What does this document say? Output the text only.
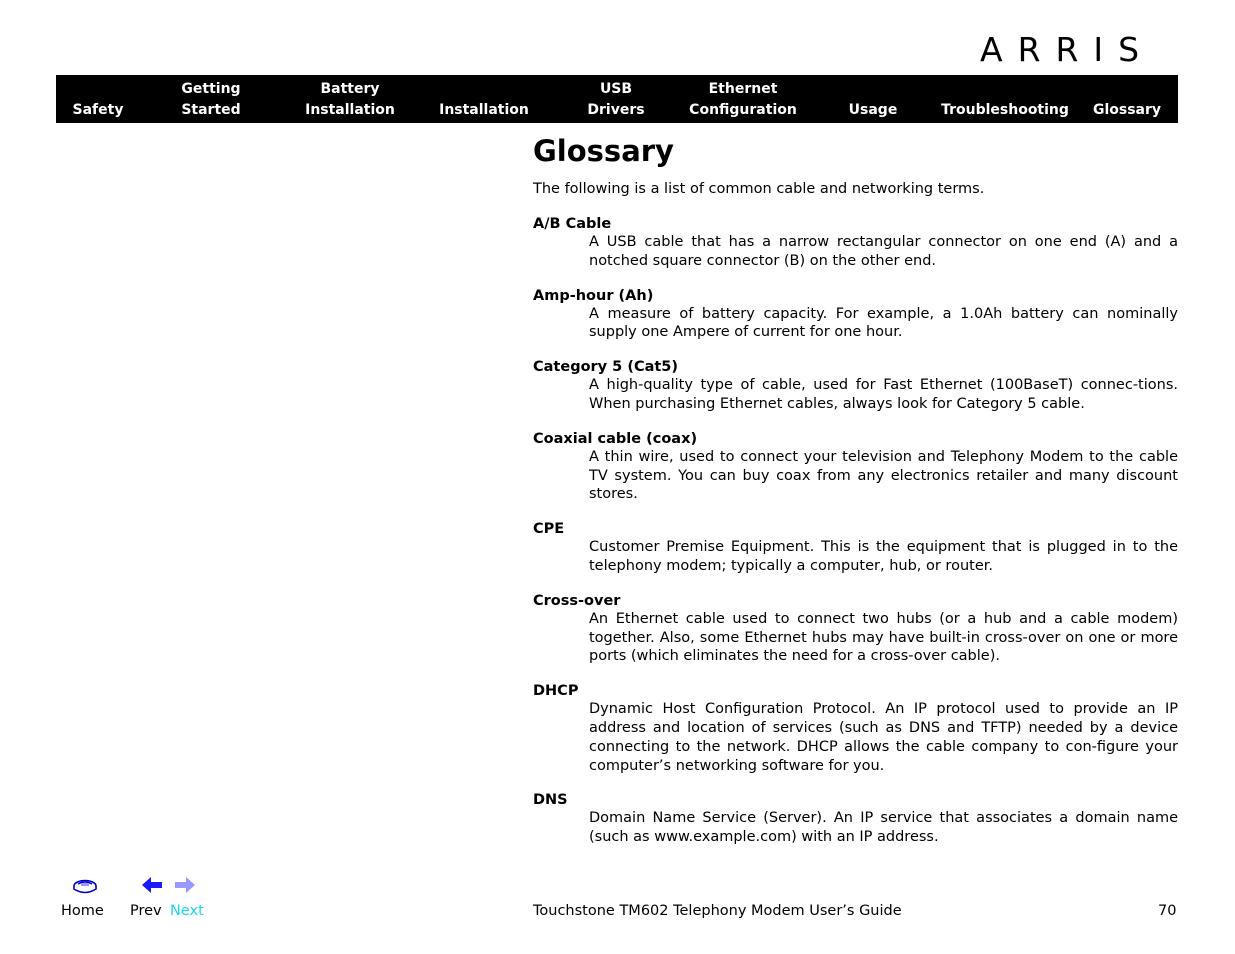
ARRIS
Safety
Getting
Started
Battery
Installation	Installation
USB
Drivers
Ethernet
Configuration	Usage	Troubleshooting	Glossary
Glossary
The following is a list of common cable and networking terms.
A/B Cable
A USB cable that has a narrow rectangular connector on one end (A) and a notched square connector (B) on the other end.
Amp-hour (Ah)
A measure of battery capacity. For example, a 1.0Ah battery can nominally supply one Ampere of current for one hour.
Category 5 (Cat5)
A high-quality type of cable, used for Fast Ethernet (100BaseT) connec-tions. When purchasing Ethernet cables, always look for Category 5 cable.
Coaxial cable (coax)
A thin wire, used to connect your television and Telephony Modem to the cable TV system. You can buy coax from any electronics retailer and many discount stores.
CPE
Customer Premise Equipment. This is the equipment that is plugged in to the telephony modem; typically a computer, hub, or router.
Cross-over
An Ethernet cable used to connect two hubs (or a hub and a cable modem) together. Also, some Ethernet hubs may have built-in cross-over on one or more ports (which eliminates the need for a cross-over cable).
DHCP
Dynamic Host Configuration Protocol. An IP protocol used to provide an IP address and location of services (such as DNS and TFTP) needed by a device connecting to the network. DHCP allows the cable company to con-figure your computer’s networking software for you.
DNS
Domain Name Service (Server). An IP service that associates a domain name (such as www.example.com) with an IP address.
Home Prev Next	Touchstone TM602 Telephony Modem User’s Guide	70
